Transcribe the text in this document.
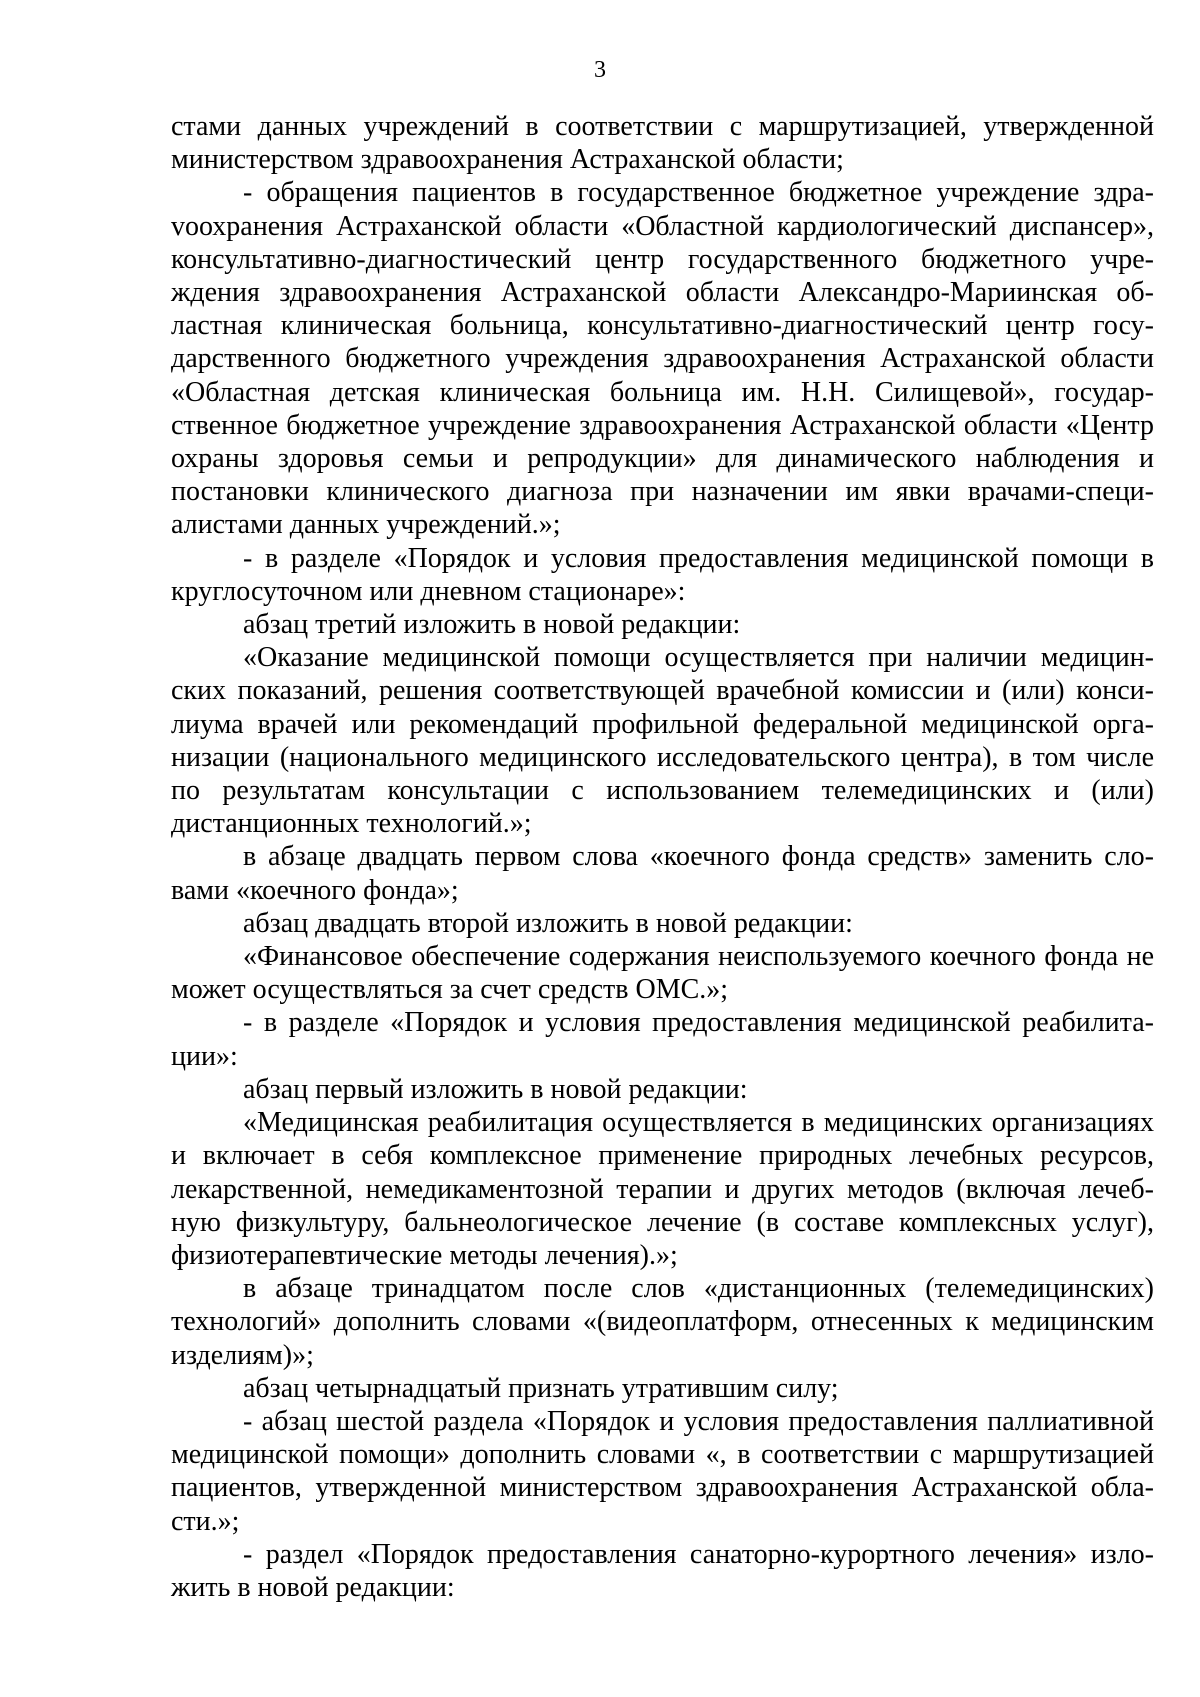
3

стами данных учреждений в соответствии с маршрутизацией, утвержденной министерством здравоохранения Астраханской области;

- обращения пациентов в государственное бюджетное учреждение здраvоохранения Астраханской области «Областной кардиологический диспансер», консультативно-диагностический центр государственного бюджетного учреждения здравоохранения Астраханской области Александро-Мариинская областная клиническая больница, консультативно-диагностический центр государственного бюджетного учреждения здравоохранения Астраханской области «Областная детская клиническая больница им. Н.Н. Силищевой», государственное бюджетное учреждение здравоохранения Астраханской области «Центр охраны здоровья семьи и репродукции» для динамического наблюдения и постановки клинического диагноза при назначении им явки врачами-специалистами данных учреждений.»;

- в разделе «Порядок и условия предоставления медицинской помощи в круглосуточном или дневном стационаре»:

абзац третий изложить в новой редакции:

«Оказание медицинской помощи осуществляется при наличии медицинских показаний, решения соответствующей врачебной комиссии и (или) консилиума врачей или рекомендаций профильной федеральной медицинской организации (национального медицинского исследовательского центра), в том числе по результатам консультации с использованием телемедицинских и (или) дистанционных технологий.»;

в абзаце двадцать первом слова «коечного фонда средств» заменить словами «коечного фонда»;

абзац двадцать второй изложить в новой редакции:

«Финансовое обеспечение содержания неиспользуемого коечного фонда не может осуществляться за счет средств ОМС.»;

- в разделе «Порядок и условия предоставления медицинской реабилитации»:

абзац первый изложить в новой редакции:

«Медицинская реабилитация осуществляется в медицинских организациях и включает в себя комплексное применение природных лечебных ресурсов, лекарственной, немедикаментозной терапии и других методов (включая лечебную физкультуру, бальнеологическое лечение (в составе комплексных услуг), физиотерапевтические методы лечения).»;

в абзаце тринадцатом после слов «дистанционных (телемедицинских) технологий» дополнить словами «(видеоплатформ, отнесенных к медицинским изделиям)»;

абзац четырнадцатый признать утратившим силу;

- абзац шестой раздела «Порядок и условия предоставления паллиативной медицинской помощи» дополнить словами «, в соответствии с маршрутизацией пациентов, утвержденной министерством здравоохранения Астраханской области.»;

- раздел «Порядок предоставления санаторно-курортного лечения» изложить в новой редакции:
